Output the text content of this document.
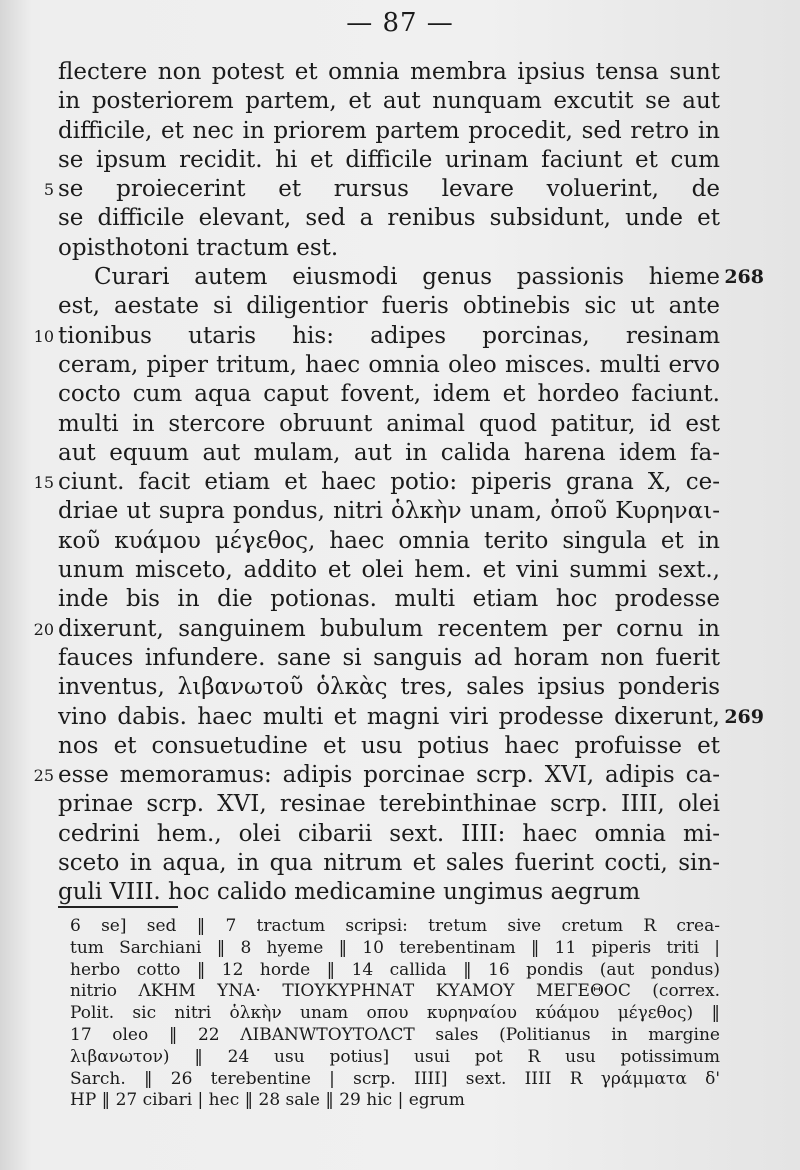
— 87 —
flectere non potest et omnia membra ipsius tensa sunt
in posteriorem partem, et aut nunquam excutit se aut
difficile, et nec in priorem partem procedit, sed retro in
se ipsum recidit. hi et difficile urinam faciunt et cum
5 se proiecerint et rursus levare voluerint, de
se difficile elevant, sed a renibus subsidunt, unde et
opisthotoni tractum est.
Curari autem eiusmodi genus passionis hieme 268
est, aestate si diligentior fueris obtinebis sic ut ante
10 tionibus utaris his: adipes porcinas, resinam
ceram, piper tritum, haec omnia oleo misces. multi ervo
cocto cum aqua caput fovent, idem et hordeo faciunt.
multi in stercore obruunt animal quod patitur, id est
aut equum aut mulam, aut in calida harena idem fa-
15 ciunt. facit etiam et haec potio: piperis grana X, ce-
driae ut supra pondus, nitri ὁλκὴν unam, ὀποῦ Κυρηναι-
κοῦ κυάμου μέγεθος, haec omnia terito singula et in
unum misceto, addito et olei hem. et vini summi sext.,
inde bis in die potionas. multi etiam hoc prodesse
20 dixerunt, sanguinem bubulum recentem per cornu in
fauces infundere. sane si sanguis ad horam non fuerit
inventus, λιβανωτοῦ ὁλκὰς tres, sales ipsius ponderis
vino dabis. haec multi et magni viri prodesse dixerunt, 269
nos et consuetudine et usu potius haec profuisse et
25 esse memoramus: adipis porcinae scrp. XVI, adipis ca-
prinae scrp. XVI, resinae terebinthinae scrp. IIII, olei
cedrini hem., olei cibarii sext. IIII: haec omnia mi-
sceto in aqua, in qua nitrum et sales fuerint cocti, sin-
guli VIII. hoc calido medicamine ungimus aegrum
6 se] sed ‖ 7 tractum scripsi: tretum sive cretum R crea-
tum Sarchiani ‖ 8 hyeme ‖ 10 terebentinam ‖ 11 piperis triti |
herbo cotto ‖ 12 horde ‖ 14 callida ‖ 16 pondis (aut pondus)
nitrio ΛΚΗΜ ΥΝΑ· ΤΙΟΥΚΥΡΗΝΑΤ ΚΥΑΜΟΥ ΜΕΓΕΘΟC (correx.
Polit. sic nitri ὁλκὴν unam οπου κυρηναίου κύάμου μέγεθος) ‖
17 oleo ‖ 22 ΛΙΒΑΝWΤΟΥΤΟΛCΤ sales (Politianus in margine
λιβανωτον) ‖ 24 usu potius] usui pot R usu potissimum
Sarch. ‖ 26 terebentine | scrp. IIII] sext. IIII R γράμματα δ'
HP ‖ 27 cibari | hec ‖ 28 sale ‖ 29 hic | egrum
